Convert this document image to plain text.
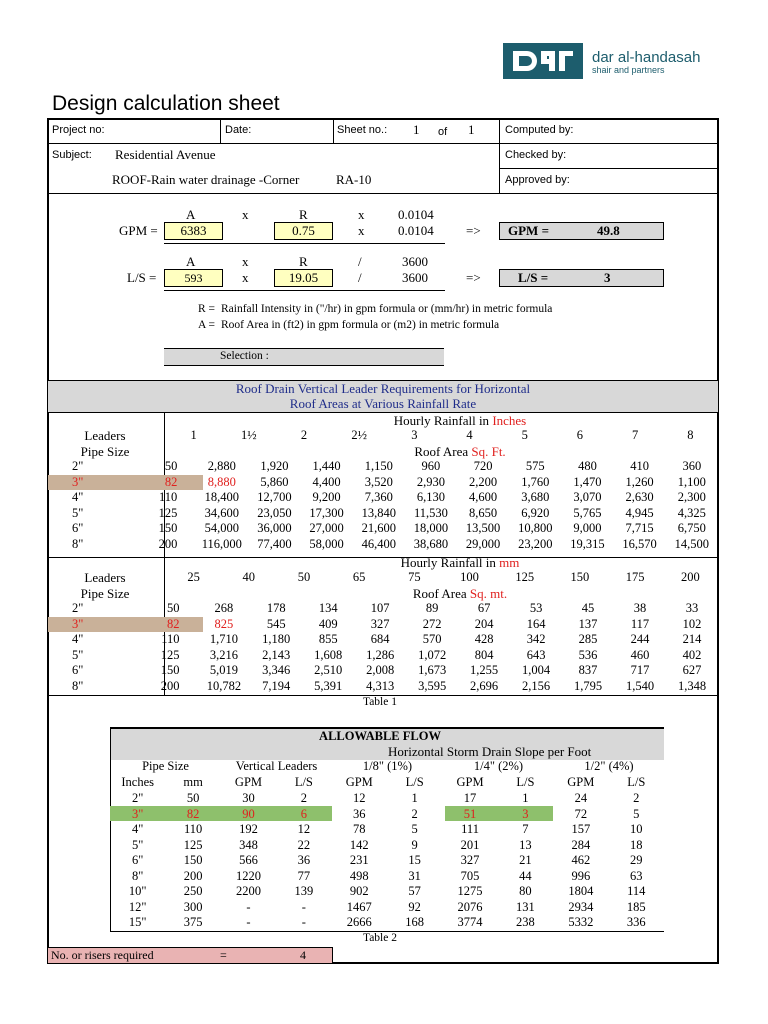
dar al-handasah
shair and partners
Design calculation sheet
Project no:	Date:	Sheet no.: 1 of 1	Computed by:
Subject: Residential Avenue	Checked by:
ROOF-Rain water drainage -Corner	RA-10	Approved by:
A	x	R	x	0.0104
GPM =	6383	0.75	x	0.0104 => GPM =	49.8
A	x	R	/	3600
L/S =	593	x	19.05	/	3600	=>	L/S =	3
R = Rainfall Intensity in ("/hr) in gpm formula or (mm/hr) in metric formula
A = Roof Area in (ft2) in gpm formula or (m2) in metric formula
Selection :
Roof Drain Vertical Leader Requirements for Horizontal
Roof Areas at Various Rainfall Rate
Hourly Rainfall in Inches
Leaders
Pipe Size	Roof Area Sq. Ft.
1	1½	2	2½	3	4	5	6	7	8
2"	50	2,880	1,920	1,440	1,150	960	720	575	480	410	360
3"	82	8,880	5,860	4,400	3,520	2,930	2,200	1,760	1,470	1,260	1,100
4"	110	18,400	12,700	9,200	7,360	6,130	4,600	3,680	3,070	2,630	2,300
5"	125	34,600	23,050	17,300	13,840	11,530	8,650	6,920	5,765	4,945	4,325
6"	150	54,000	36,000	27,000	21,600	18,000	13,500	10,800	9,000	7,715	6,750
8"	200	116,000	77,400	58,000	46,400	38,680	29,000	23,200	19,315	16,570	14,500
Hourly Rainfall in mm
Leaders
Pipe Size	Roof Area Sq. mt.
25	40	50	65	75	100	125	150	175	200
2"	50	268	178	134	107	89	67	53	45	38	33
3"	82	825	545	409	327	272	204	164	137	117	102
4"	110	1,710	1,180	855	684	570	428	342	285	244	214
5"	125	3,216	2,143	1,608	1,286	1,072	804	643	536	460	402
6"	150	5,019	3,346	2,510	2,008	1,673	1,255	1,004	837	717	627
8"	200	10,782	7,194	5,391	4,313	3,595	2,696	2,156	1,795	1,540	1,348
Table 1
ALLOWABLE FLOW
Horizontal Storm Drain Slope per Foot
Pipe Size	Vertical Leaders	1/8" (1%)	1/4" (2%)	1/2" (4%)
Inches	mm	GPM	L/S	GPM	L/S	GPM	L/S	GPM	L/S
2"	50	30	2	12	1	17	1	24	2
3"	82	90	6	36	2	51	3	72	5
4"	110	192	12	78	5	111	7	157	10
5"	125	348	22	142	9	201	13	284	18
6"	150	566	36	231	15	327	21	462	29
8"	200	1220	77	498	31	705	44	996	63
10"	250	2200	139	902	57	1275	80	1804	114
12"	300	-	-	1467	92	2076	131	2934	185
15"	375	-	-	2666	168	3774	238	5332	336
Table 2
No. or risers required	=	4
